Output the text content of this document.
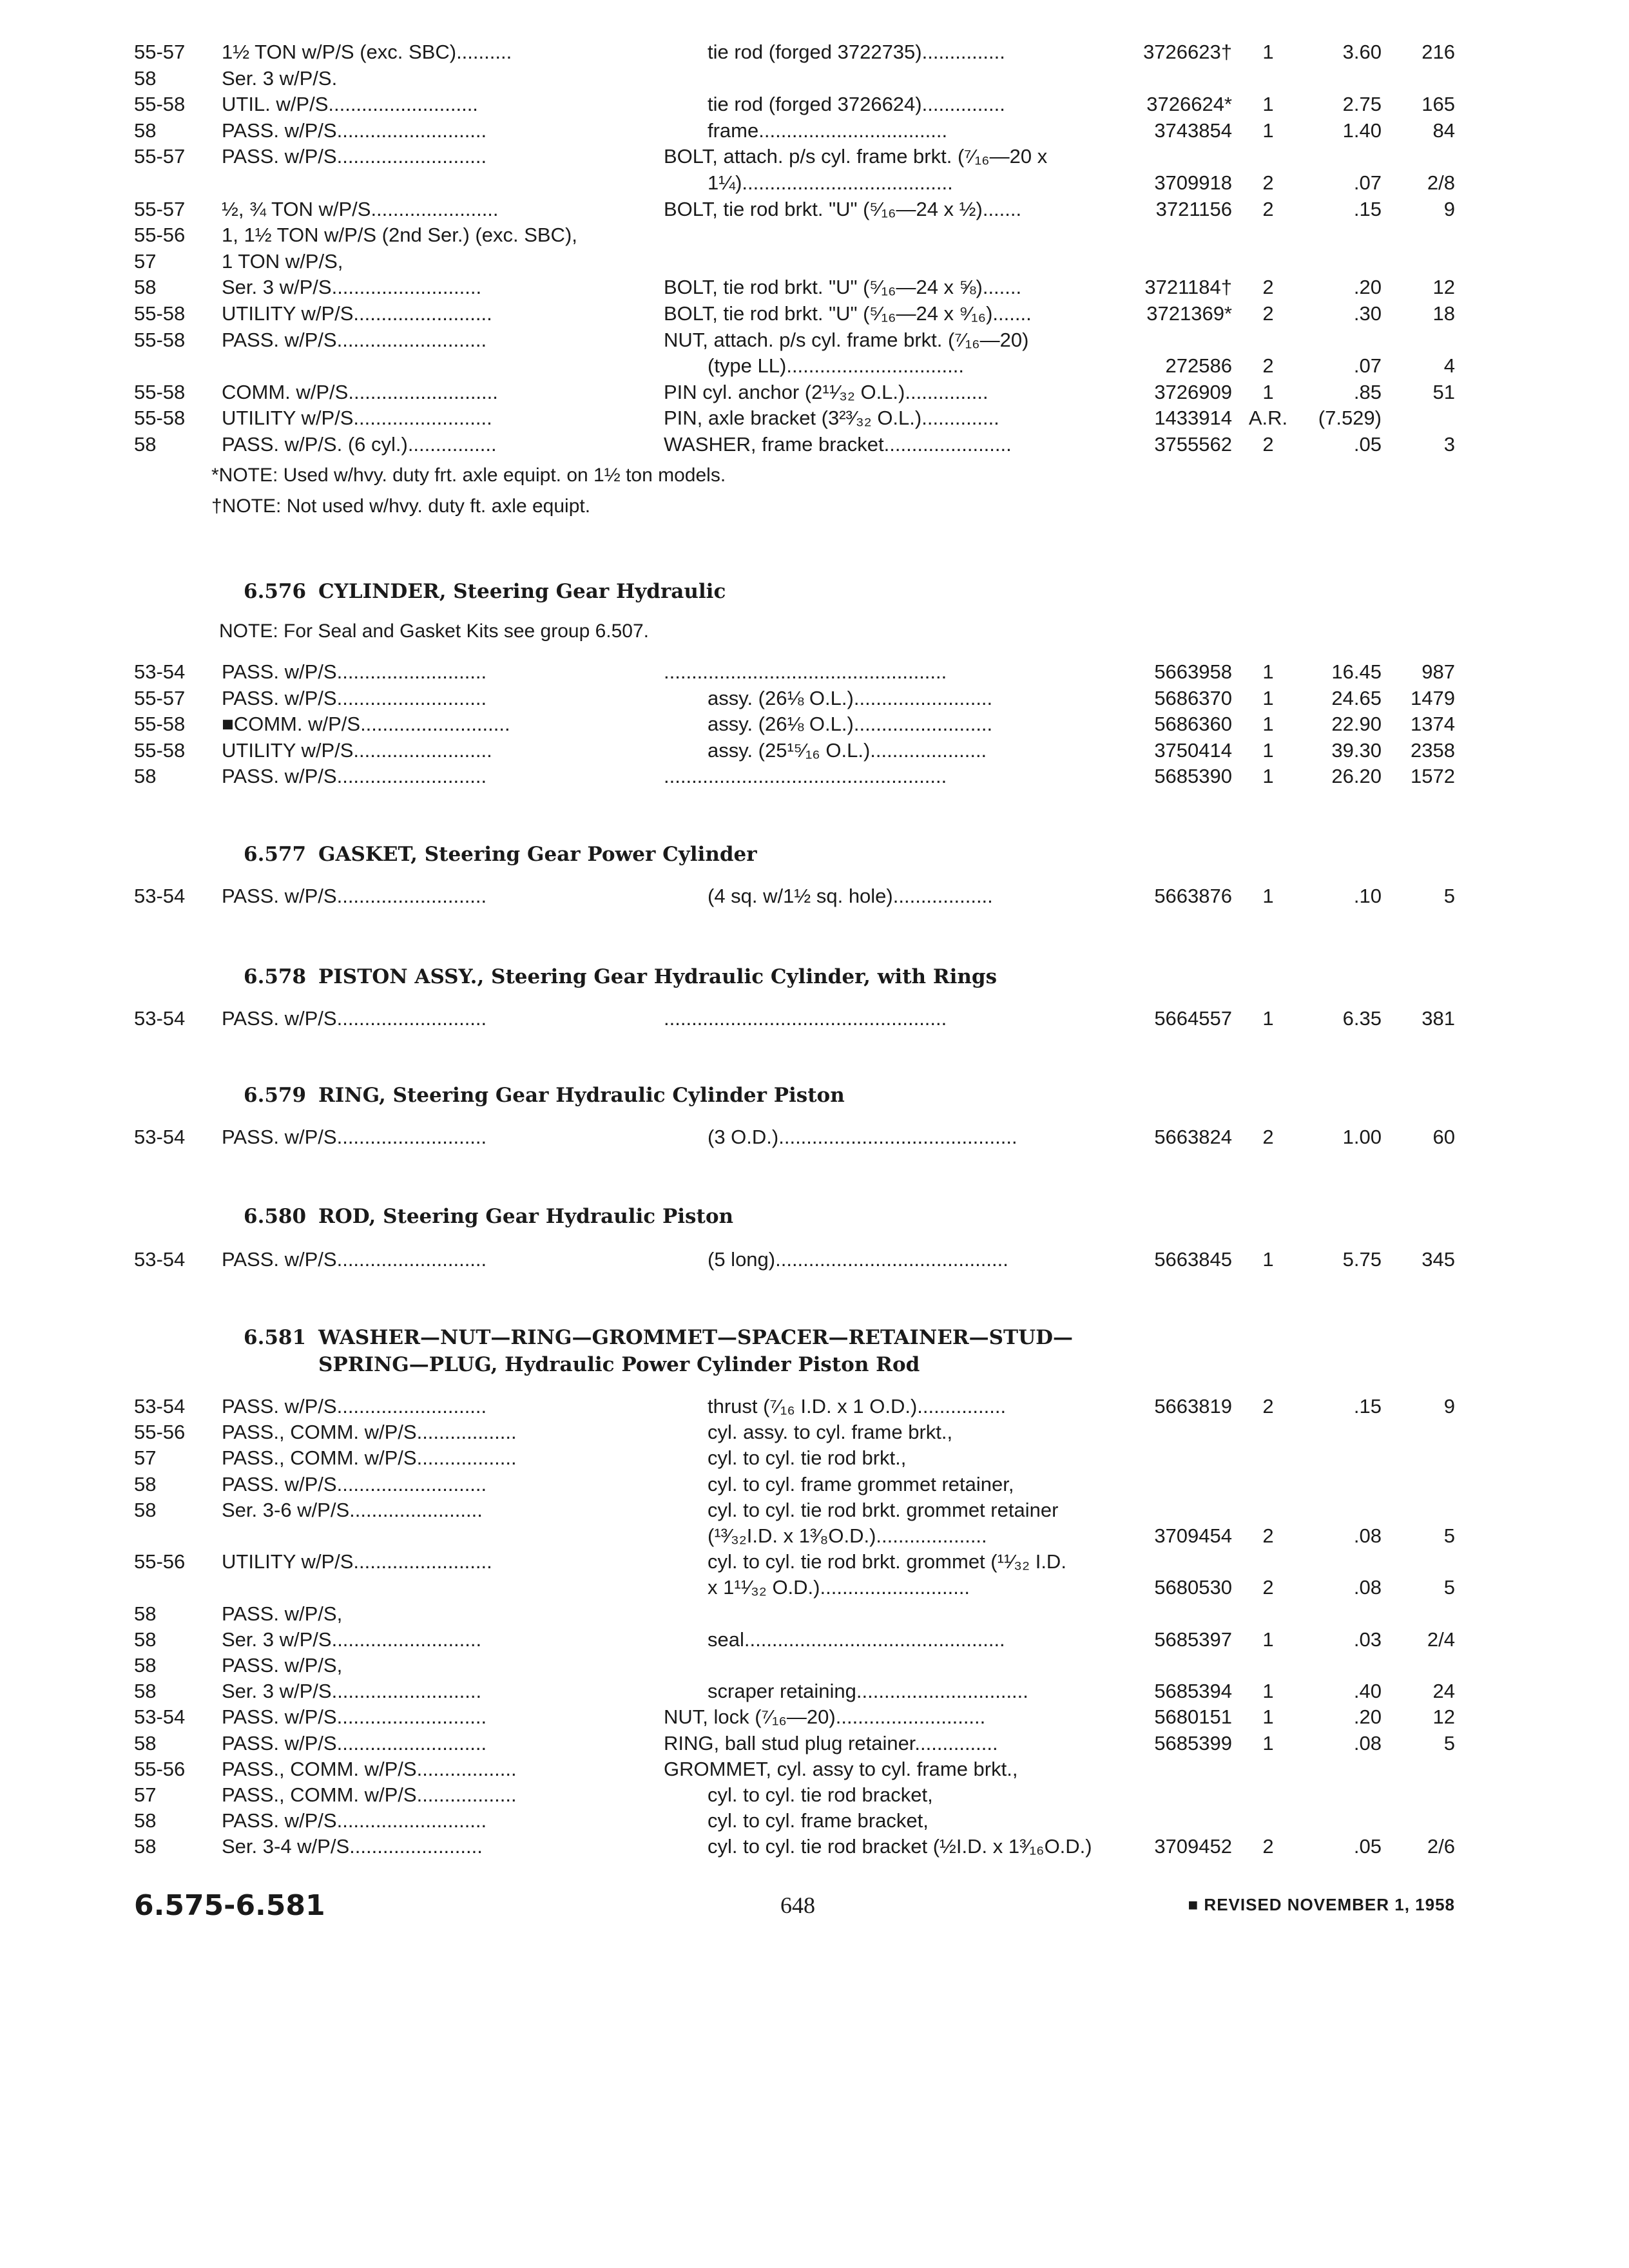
*NOTE: Used w/hvy. duty frt. axle equipt. on 1½ ton models.
†NOTE: Not used w/hvy. duty ft. axle equipt.
6.576 CYLINDER, Steering Gear Hydraulic
NOTE: For Seal and Gasket Kits see group 6.507.
6.577 GASKET, Steering Gear Power Cylinder
6.578 PISTON ASSY., Steering Gear Hydraulic Cylinder, with Rings
6.579 RING, Steering Gear Hydraulic Cylinder Piston
6.580 ROD, Steering Gear Hydraulic Piston
6.581 WASHER—NUT—RING—GROMMET—SPACER—RETAINER—STUD—
SPRING—PLUG, Hydraulic Power Cylinder Piston Rod
6.575-6.581	648	■ REVISED NOVEMBER 1, 1958
55-57	1½ TON w/P/S (exc. SBC)..........	tie rod (forged 3722735)...............	3726623†	1	3.60	216
58	Ser. 3 w/P/S.
55-58	UTIL. w/P/S...........................	tie rod (forged 3726624)...............	3726624*	1	2.75	165
58	PASS. w/P/S...........................	frame..................................	3743854	1	1.40	84
55-57	PASS. w/P/S...........................	BOLT, attach. p/s cyl. frame brkt. (⁷⁄₁₆—20 x
1¼)......................................	3709918	2	.07	2/8
55-57	½, ¾ TON w/P/S.......................	BOLT, tie rod brkt. "U" (⁵⁄₁₆—24 x ½).......	3721156	2	.15	9
55-56	1, 1½ TON w/P/S (2nd Ser.) (exc. SBC),
57	1 TON w/P/S,
58	Ser. 3 w/P/S...........................	BOLT, tie rod brkt. "U" (⁵⁄₁₆—24 x ⅝).......	3721184†	2	.20	12
55-58	UTILITY w/P/S.........................	BOLT, tie rod brkt. "U" (⁵⁄₁₆—24 x ⁹⁄₁₆).......	3721369*	2	.30	18
55-58	PASS. w/P/S...........................	NUT, attach. p/s cyl. frame brkt. (⁷⁄₁₆—20)
(type LL)................................	272586	2	.07	4
55-58	COMM. w/P/S...........................	PIN cyl. anchor (2¹¹⁄₃₂ O.L.)...............	3726909	1	.85	51
55-58	UTILITY w/P/S.........................	PIN, axle bracket (3²³⁄₃₂ O.L.)..............	1433914 A.R.	(7.529)
58	PASS. w/P/S. (6 cyl.)................	WASHER, frame bracket.......................	3755562	2	.05	3
53-54	PASS. w/P/S...........................	...................................................	5663958	1	16.45	987
55-57	PASS. w/P/S...........................	assy. (26⅛ O.L.).........................	5686370	1	24.65	1479
55-58	■COMM. w/P/S...........................	assy. (26⅛ O.L.).........................	5686360	1	22.90	1374
55-58	UTILITY w/P/S.........................	assy. (25¹⁵⁄₁₆ O.L.).....................	3750414	1	39.30	2358
58	PASS. w/P/S...........................	...................................................	5685390	1	26.20	1572
53-54	PASS. w/P/S...........................	(4 sq. w/1½ sq. hole)..................	5663876	1	.10	5
53-54	PASS. w/P/S...........................	...................................................	5664557	1	6.35	381
53-54	PASS. w/P/S...........................	(3 O.D.)...........................................	5663824	2	1.00	60
53-54	PASS. w/P/S...........................	(5 long)..........................................	5663845	1	5.75	345
53-54	PASS. w/P/S...........................	thrust (⁷⁄₁₆ I.D. x 1 O.D.)................	5663819	2	.15	9
55-56	PASS., COMM. w/P/S..................	cyl. assy. to cyl. frame brkt.,
57	PASS., COMM. w/P/S..................	cyl. to cyl. tie rod brkt.,
58	PASS. w/P/S...........................	cyl. to cyl. frame grommet retainer,
58	Ser. 3-6 w/P/S........................	cyl. to cyl. tie rod brkt. grommet retainer
(¹³⁄₃₂I.D. x 1³⁄₈O.D.)....................	3709454	2	.08	5
55-56	UTILITY w/P/S.........................	cyl. to cyl. tie rod brkt. grommet (¹¹⁄₃₂ I.D.
x 1¹¹⁄₃₂ O.D.)...........................	5680530	2	.08	5
58	PASS. w/P/S,
58	Ser. 3 w/P/S...........................	seal...............................................	5685397	1	.03	2/4
58	PASS. w/P/S,
58	Ser. 3 w/P/S...........................	scraper retaining...............................	5685394	1	.40	24
53-54	PASS. w/P/S...........................	NUT, lock (⁷⁄₁₆—20)...........................	5680151	1	.20	12
58	PASS. w/P/S...........................	RING, ball stud plug retainer...............	5685399	1	.08	5
55-56	PASS., COMM. w/P/S..................	GROMMET, cyl. assy to cyl. frame brkt.,
57	PASS., COMM. w/P/S..................	cyl. to cyl. tie rod bracket,
58	PASS. w/P/S...........................	cyl. to cyl. frame bracket,
58	Ser. 3-4 w/P/S........................	cyl. to cyl. tie rod bracket (½I.D. x 1³⁄₁₆O.D.)	3709452	2	.05	2/6
